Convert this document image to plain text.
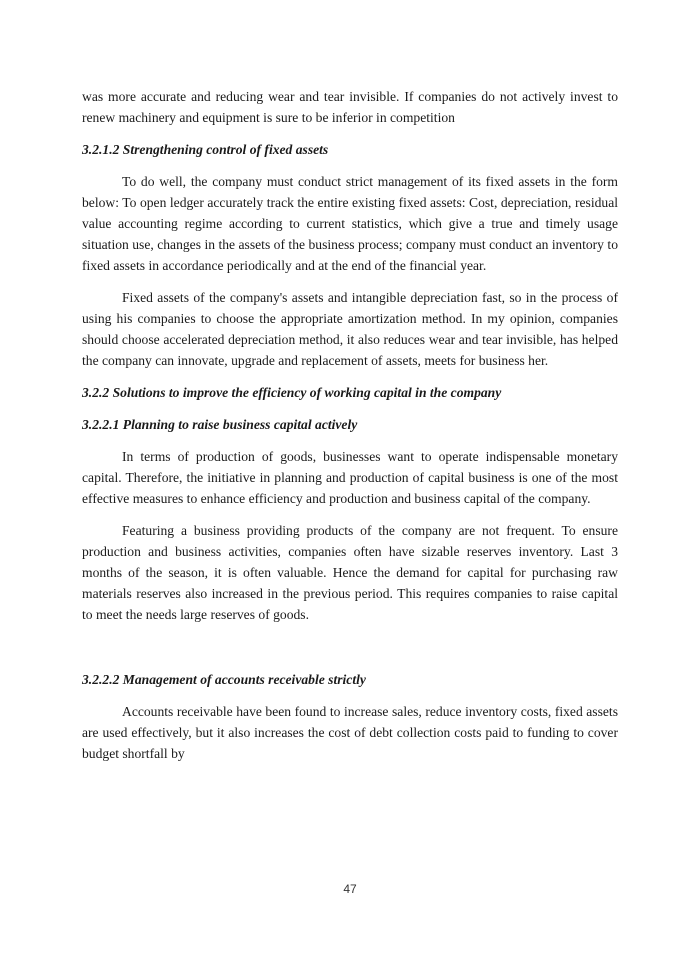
was more accurate and reducing wear and tear invisible. If companies do not actively invest to renew machinery and equipment is sure to be inferior in competition

3.2.1.2 Strengthening control of fixed assets

To do well, the company must conduct strict management of its fixed assets in the form below: To open ledger accurately track the entire existing fixed assets: Cost, depreciation, residual value accounting regime according to current statistics, which give a true and timely usage situation use, changes in the assets of the business process; company must conduct an inventory to fixed assets in accordance periodically and at the end of the financial year.

Fixed assets of the company's assets and intangible depreciation fast, so in the process of using his companies to choose the appropriate amortization method. In my opinion, companies should choose accelerated depreciation method, it also reduces wear and tear invisible, has helped the company can innovate, upgrade and replacement of assets, meets for business her.

3.2.2 Solutions to improve the efficiency of working capital in the company
3.2.2.1 Planning to raise business capital actively

In terms of production of goods, businesses want to operate indispensable monetary capital. Therefore, the initiative in planning and production of capital business is one of the most effective measures to enhance efficiency and production and business capital of the company.

Featuring a business providing products of the company are not frequent. To ensure production and business activities, companies often have sizable reserves inventory. Last 3 months of the season, it is often valuable. Hence the demand for capital for purchasing raw materials reserves also increased in the previous period. This requires companies to raise capital to meet the needs large reserves of goods.

3.2.2.2 Management of accounts receivable strictly

Accounts receivable have been found to increase sales, reduce inventory costs, fixed assets are used effectively, but it also increases the cost of debt collection costs paid to funding to cover budget shortfall by

47
